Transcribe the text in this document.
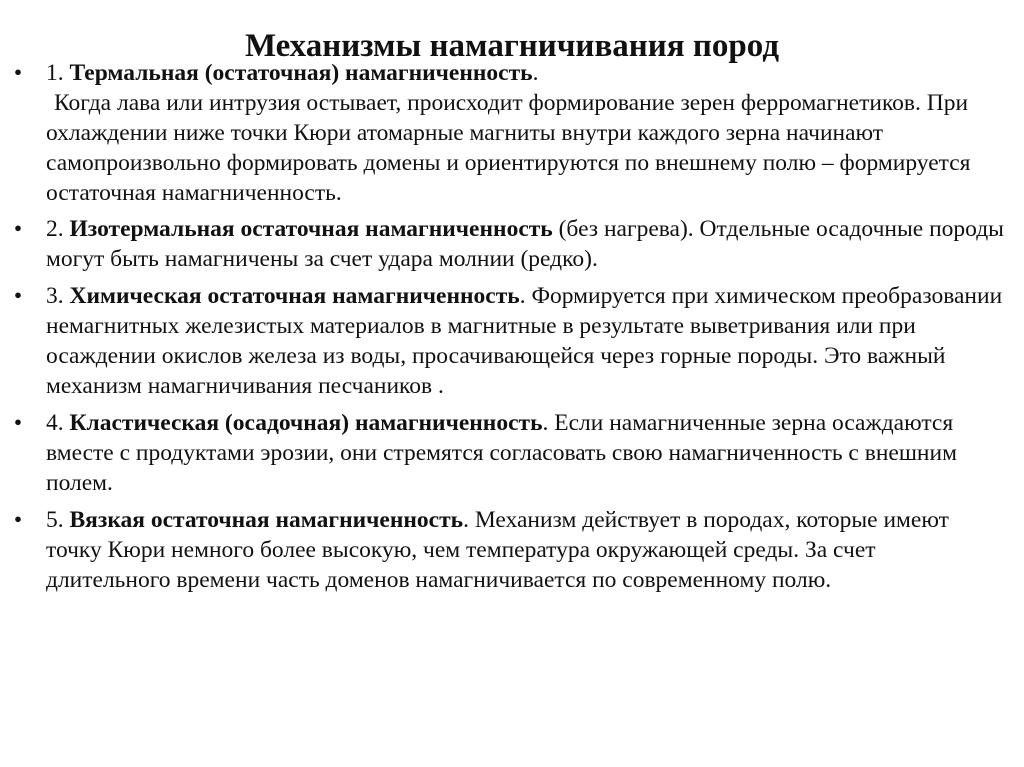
Механизмы намагничивания пород
•	1. Термальная (остаточная) намагниченность.
Когда лава или интрузия остывает, происходит формирование зерен ферромагнетиков. При охлаждении ниже точки Кюри атомарные магниты внутри каждого зерна начинают самопроизвольно формировать домены и ориентируются по внешнему полю – формируется остаточная намагниченность.
•	2. Изотермальная остаточная намагниченность (без нагрева). Отдельные осадочные породы могут быть намагничены за счет удара молнии (редко).
•	3. Химическая остаточная намагниченность. Формируется при химическом преобразовании немагнитных железистых материалов в магнитные в результате выветривания или при осаждении окислов железа из воды, просачивающейся через горные породы. Это важный механизм намагничивания песчаников .
•	4. Кластическая (осадочная) намагниченность. Если намагниченные зерна осаждаются вместе с продуктами эрозии, они стремятся согласовать свою намагниченность с внешним полем.
•	5. Вязкая остаточная намагниченность. Механизм действует в породах, которые имеют точку Кюри немного более высокую, чем температура окружающей среды. За счет длительного времени часть доменов намагничивается по современному полю.
